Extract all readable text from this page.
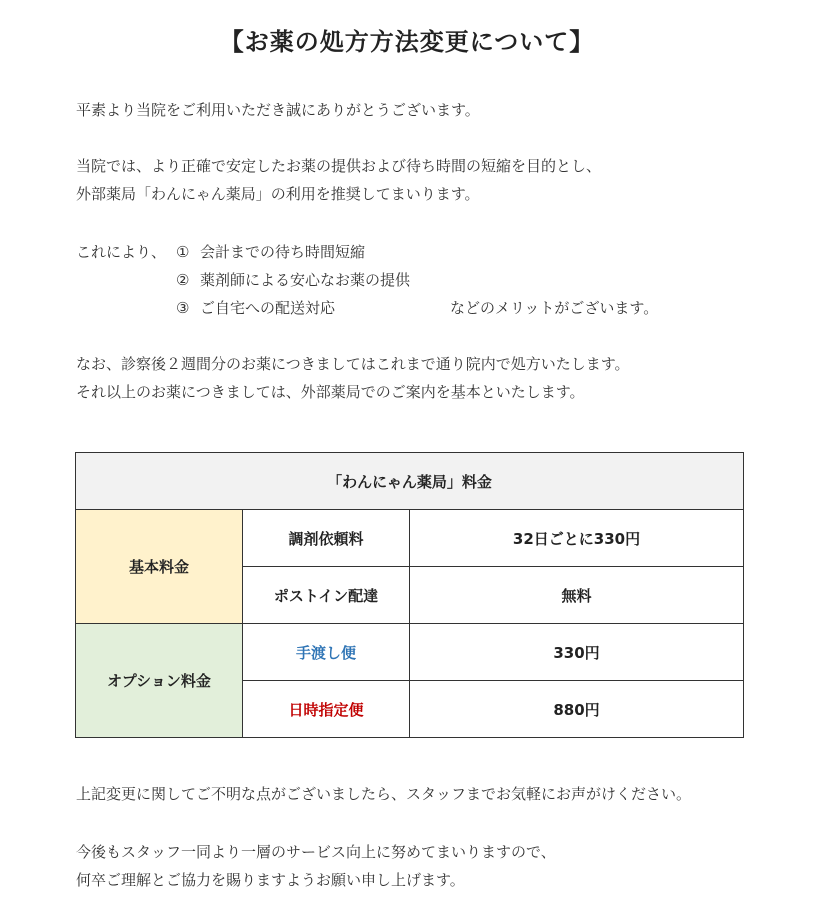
【お薬の処方方法変更について】
平素より当院をご利用いただき誠にありがとうございます。
当院では、より正確で安定したお薬の提供および待ち時間の短縮を目的とし、
外部薬局「わんにゃん薬局」の利用を推奨してまいります。
これにより、 ① 会計までの待ち時間短縮
② 薬剤師による安心なお薬の提供
③ ご自宅への配送対応	などのメリットがございます。
なお、診察後２週間分のお薬につきましてはこれまで通り院内で処方いたします。
それ以上のお薬につきましては、外部薬局でのご案内を基本といたします。
「わんにゃん薬局」料金		
基本料金	調剤依頼料	32日ごとに330円
	ポストイン配達	無料
オプション料金	手渡し便	330円
	日時指定便	880円
上記変更に関してご不明な点がございましたら、スタッフまでお気軽にお声がけください。
今後もスタッフ一同より一層のサービス向上に努めてまいりますので、
何卒ご理解とご協力を賜りますようお願い申し上げます。
